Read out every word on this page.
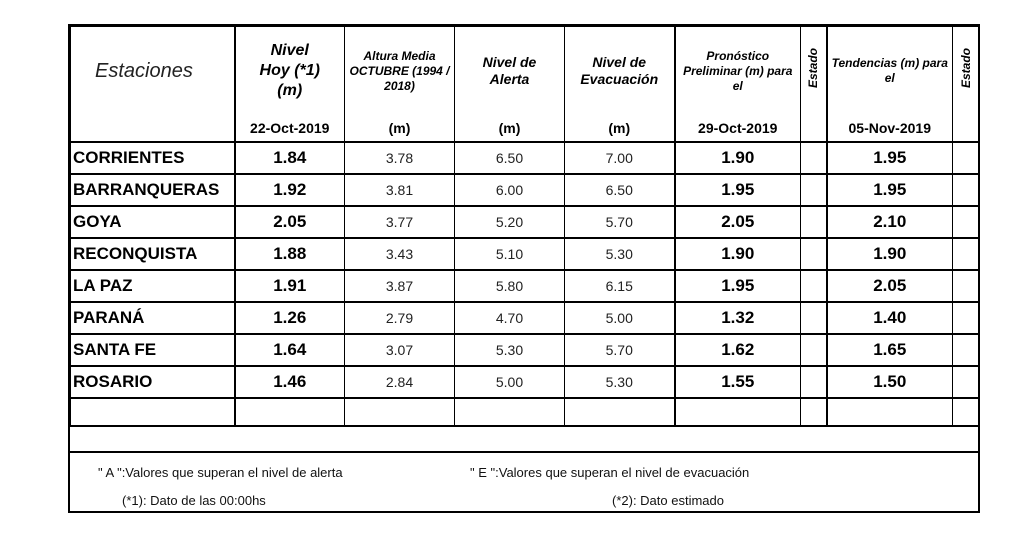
Estaciones	Nivel Hoy (*1) (m)	Altura Media OCTUBRE (1994 / 2018)	Nivel de Alerta	Nivel de Evacuación	Pronóstico Preliminar (m) para el	Estado	Tendencias (m) para el	Estado
	22-Oct-2019	(m)	(m)	(m)	29-Oct-2019		05-Nov-2019	
CORRIENTES	1.84	3.78	6.50	7.00	1.90		1.95	
BARRANQUERAS	1.92	3.81	6.00	6.50	1.95		1.95	
GOYA	2.05	3.77	5.20	5.70	2.05		2.10	
RECONQUISTA	1.88	3.43	5.10	5.30	1.90		1.90	
LA PAZ	1.91	3.87	5.80	6.15	1.95		2.05	
PARANÁ	1.26	2.79	4.70	5.00	1.32		1.40	
SANTA FE	1.64	3.07	5.30	5.70	1.62		1.65	
ROSARIO	1.46	2.84	5.00	5.30	1.55		1.50	

" A ":Valores que superan el nivel de alerta	" E ":Valores que superan el nivel de evacuación
(*1): Dato de las 00:00hs	(*2): Dato estimado
